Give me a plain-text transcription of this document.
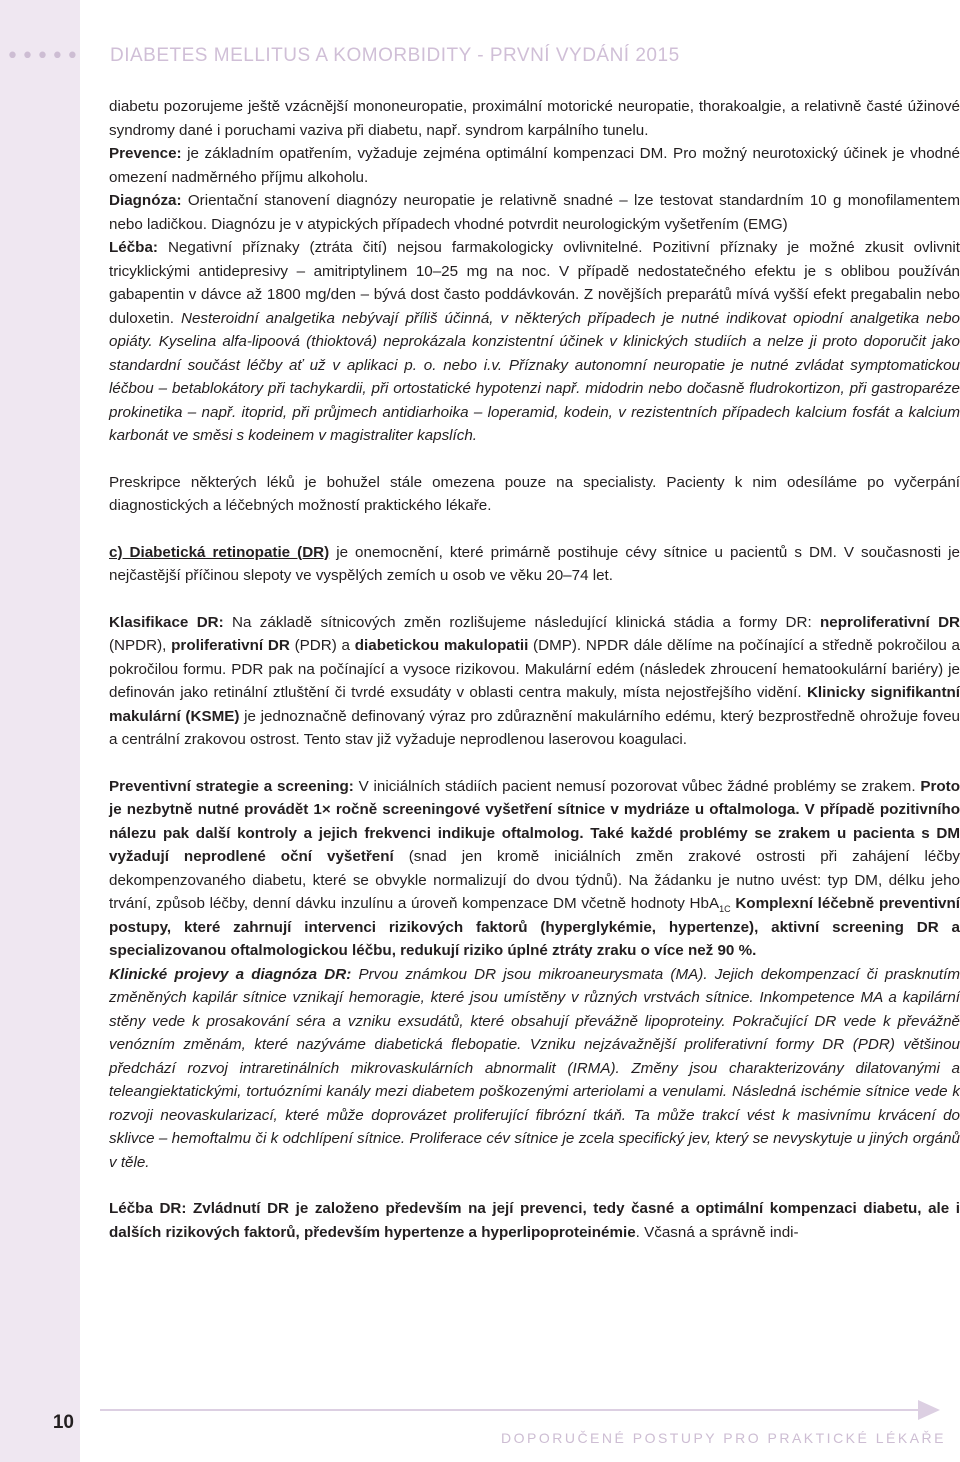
•••••	DIABETES MELLITUS A KOMORBIDITY - PRVNÍ VYDÁNÍ 2015

diabetu pozorujeme ještě vzácnější mononeuropatie, proximální motorické neuropatie, thorakoalgie, a relativně časté úžinové syndromy dané i poruchami vaziva při diabetu, např. syndrom karpálního tunelu.

Prevence: je základním opatřením, vyžaduje zejména optimální kompenzaci DM. Pro možný neurotoxický účinek je vhodné omezení nadměrného příjmu alkoholu.

Diagnóza: Orientační stanovení diagnózy neuropatie je relativně snadné – lze testovat standardním 10 g monofilamentem nebo ladičkou. Diagnózu je v atypických případech vhodné potvrdit neurologickým vyšetřením (EMG)

Léčba: Negativní příznaky (ztráta čití) nejsou farmakologicky ovlivnitelné. Pozitivní příznaky je možné zkusit ovlivnit tricyklickými antidepresivy – amitriptylinem 10–25 mg na noc. V případě nedostatečného efektu je s oblibou používán gabapentin v dávce až 1800 mg/den – bývá dost často poddávkován. Z novějších preparátů mívá vyšší efekt pregabalin nebo duloxetin. Nesteroidní analgetika nebývají příliš účinná, v některých případech je nutné indikovat opiodní analgetika nebo opiáty. Kyselina alfa-lipoová (thioktová) neprokázala konzistentní účinek v klinických studiích a nelze ji proto doporučit jako standardní součást léčby ať už v aplikaci p. o. nebo i.v. Příznaky autonomní neuropatie je nutné zvládat symptomatickou léčbou – betablokátory při tachykardii, při ortostatické hypotenzi např. midodrin nebo dočasně fludrokortizon, při gastroparéze prokinetika – např. itoprid, při průjmech antidiarhoika – loperamid, kodein, v rezistentních případech kalcium fosfát a kalcium karbonát ve směsi s kodeinem v magistraliter kapslích.

Preskripce některých léků je bohužel stále omezena pouze na specialisty. Pacienty k nim odesíláme po vyčerpání diagnostických a léčebných možností praktického lékaře.

c) Diabetická retinopatie (DR) je onemocnění, které primárně postihuje cévy sítnice u pacientů s DM. V současnosti je nejčastější příčinou slepoty ve vyspělých zemích u osob ve věku 20–74 let.

Klasifikace DR: Na základě sítnicových změn rozlišujeme následující klinická stádia a formy DR: neproliferativní DR (NPDR), proliferativní DR (PDR) a diabetickou makulopatii (DMP). NPDR dále dělíme na počínající a středně pokročilou a pokročilou formu. PDR pak na počínající a vysoce rizikovou. Makulární edém (následek zhroucení hematookulární bariéry) je definován jako retinální ztluštění či tvrdé exsudáty v oblasti centra makuly, místa nejostřejšího vidění. Klinicky signifikantní makulární (KSME) je jednoznačně definovaný výraz pro zdůraznění makulárního edému, který bezprostředně ohrožuje foveu a centrální zrakovou ostrost. Tento stav již vyžaduje neprodlenou laserovou koagulaci.

Preventivní strategie a screening: V iniciálních stádiích pacient nemusí pozorovat vůbec žádné problémy se zrakem. Proto je nezbytně nutné provádět 1× ročně screeningové vyšetření sítnice v mydriáze u oftalmologa. V případě pozitivního nálezu pak další kontroly a jejich frekvenci indikuje oftalmolog. Také každé problémy se zrakem u pacienta s DM vyžadují neprodlené oční vyšetření (snad jen kromě iniciálních změn zrakové ostrosti při zahájení léčby dekompenzovaného diabetu, které se obvykle normalizují do dvou týdnů). Na žádanku je nutno uvést: typ DM, délku jeho trvání, způsob léčby, denní dávku inzulínu a úroveň kompenzace DM včetně hodnoty HbA$_{1C}$ Komplexní léčebně preventivní postupy, které zahrnují intervenci rizikových faktorů (hyperglykémie, hypertenze), aktivní screening DR a specializovanou oftalmologickou léčbu, redukují riziko úplné ztráty zraku o více než 90 %.

Klinické projevy a diagnóza DR: Prvou známkou DR jsou mikroaneurysmata (MA). Jejich dekompenzací či prasknutím změněných kapilár sítnice vznikají hemoragie, které jsou umístěny v různých vrstvách sítnice. Inkompetence MA a kapilární stěny vede k prosakování séra a vzniku exsudátů, které obsahují převážně lipoproteiny. Pokračující DR vede k převážně venózním změnám, které nazýváme diabetická flebopatie. Vzniku nejzávažnější proliferativní formy DR (PDR) většinou předchází rozvoj intraretinálních mikrovaskulárních abnormalit (IRMA). Změny jsou charakterizovány dilatovanými a teleangiektatickými, tortuózními kanály mezi diabetem poškozenými arteriolami a venulami. Následná ischémie sítnice vede k rozvoji neovaskularizací, které může doprovázet proliferující fibrózní tkáň. Ta může trakcí vést k masivnímu krvácení do sklivce – hemoftalmu či k odchlípení sítnice. Proliferace cév sítnice je zcela specifický jev, který se nevyskytuje u jiných orgánů v těle.

Léčba DR: Zvládnutí DR je založeno především na její prevenci, tedy časné a optimální kompenzaci diabetu, ale i dalších rizikových faktorů, především hypertenze a hyperlipoproteinémie. Včasná a správně indi-

10
DOPORUČENÉ POSTUPY PRO PRAKTICKÉ LÉKAŘE
